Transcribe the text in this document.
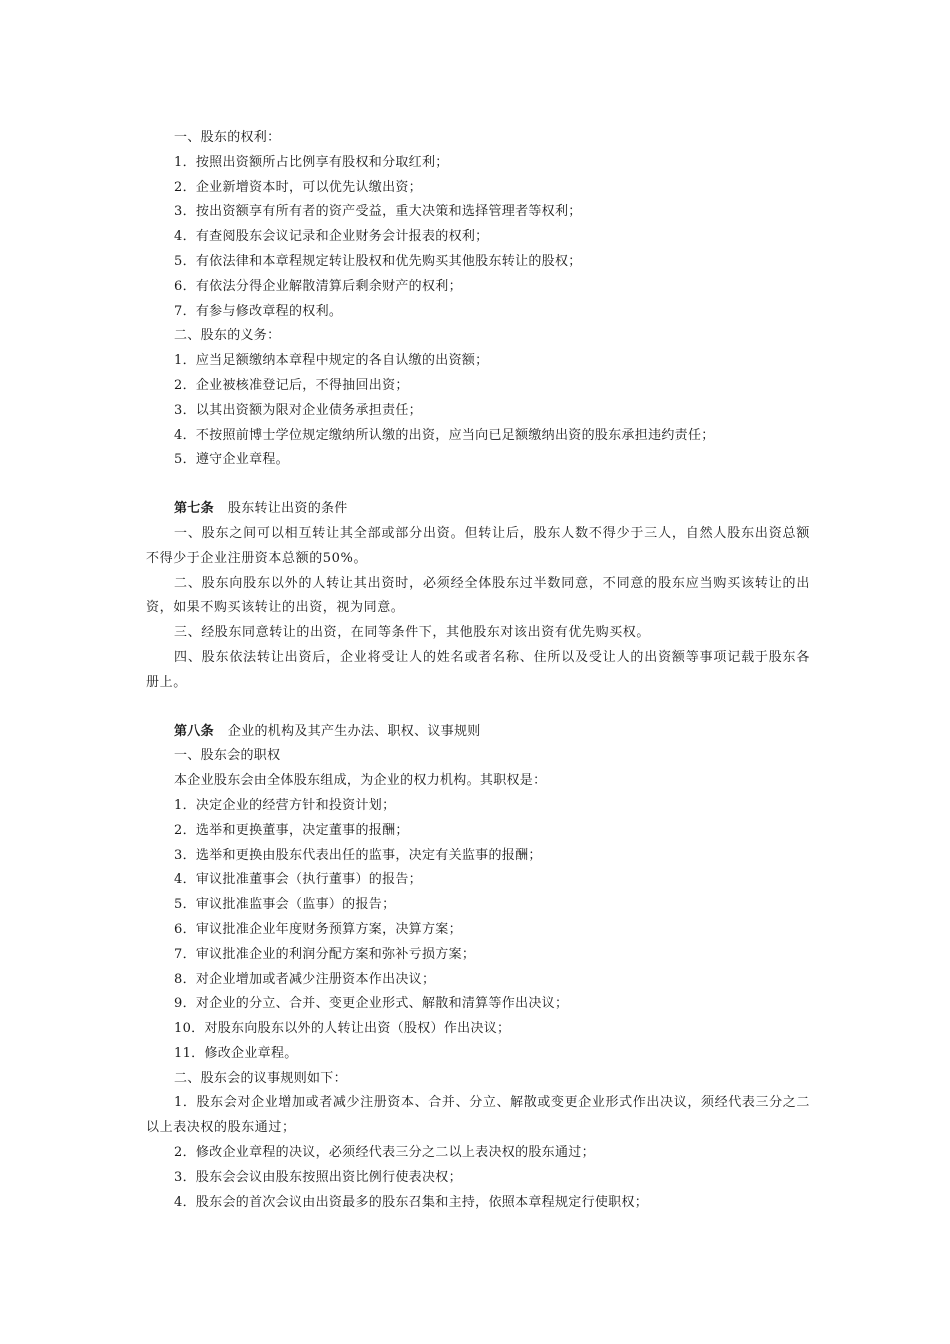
一、股东的权利：
1．按照出资额所占比例享有股权和分取红利；
2．企业新增资本时，可以优先认缴出资；
3．按出资额享有所有者的资产受益，重大决策和选择管理者等权利；
4．有查阅股东会议记录和企业财务会计报表的权利；
5．有依法律和本章程规定转让股权和优先购买其他股东转让的股权；
6．有依法分得企业解散清算后剩余财产的权利；
7．有参与修改章程的权利。
二、股东的义务：
1．应当足额缴纳本章程中规定的各自认缴的出资额；
2．企业被核准登记后，不得抽回出资；
3．以其出资额为限对企业债务承担责任；
4．不按照前博士学位规定缴纳所认缴的出资，应当向已足额缴纳出资的股东承担违约责任；
5．遵守企业章程。
第七条 股东转让出资的条件
一、股东之间可以相互转让其全部或部分出资。但转让后，股东人数不得少于三人，自然人股东出资总额不得少于企业注册资本总额的50%。
二、股东向股东以外的人转让其出资时，必须经全体股东过半数同意，不同意的股东应当购买该转让的出资，如果不购买该转让的出资，视为同意。
三、经股东同意转让的出资，在同等条件下，其他股东对该出资有优先购买权。
四、股东依法转让出资后，企业将受让人的姓名或者名称、住所以及受让人的出资额等事项记载于股东各册上。
第八条 企业的机构及其产生办法、职权、议事规则
一、股东会的职权
本企业股东会由全体股东组成，为企业的权力机构。其职权是：
1．决定企业的经营方针和投资计划；
2．选举和更换董事，决定董事的报酬；
3．选举和更换由股东代表出任的监事，决定有关监事的报酬；
4．审议批准董事会（执行董事）的报告；
5．审议批准监事会（监事）的报告；
6．审议批准企业年度财务预算方案，决算方案；
7．审议批准企业的利润分配方案和弥补亏损方案；
8．对企业增加或者减少注册资本作出决议；
9．对企业的分立、合并、变更企业形式、解散和清算等作出决议；
10．对股东向股东以外的人转让出资（股权）作出决议；
11．修改企业章程。
二、股东会的议事规则如下：
1．股东会对企业增加或者减少注册资本、合并、分立、解散或变更企业形式作出决议，须经代表三分之二以上表决权的股东通过；
2．修改企业章程的决议，必须经代表三分之二以上表决权的股东通过；
3．股东会会议由股东按照出资比例行使表决权；
4．股东会的首次会议由出资最多的股东召集和主持，依照本章程规定行使职权；
